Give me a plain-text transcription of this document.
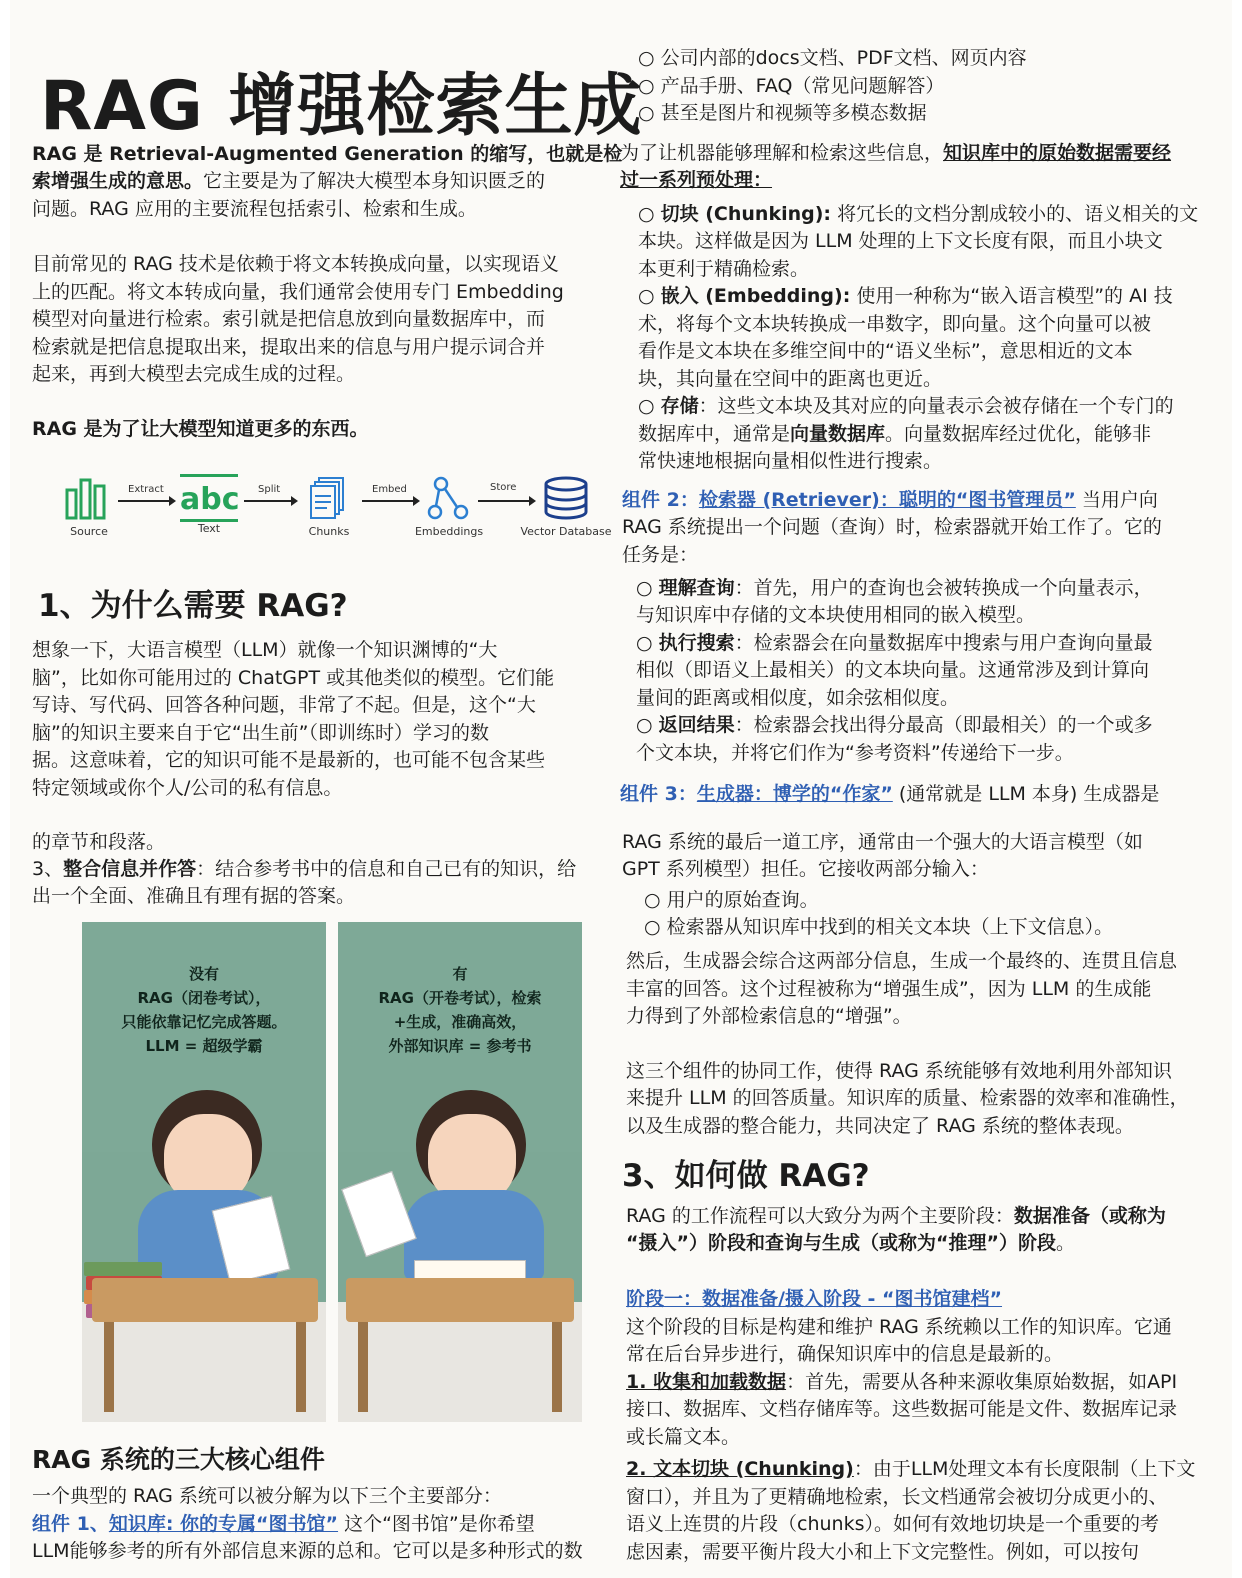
RAG 增强检索生成
RAG 是 Retrieval-Augmented Generation 的缩写，也就是检
索增强生成的意思。它主要是为了解决大模型本身知识匮乏的
问题。RAG 应用的主要流程包括索引、检索和生成。
目前常见的 RAG 技术是依赖于将文本转换成向量，以实现语义
上的匹配。将文本转成向量，我们通常会使用专门 Embedding
模型对向量进行检索。索引就是把信息放到向量数据库中，而
检索就是把信息提取出来，提取出来的信息与用户提示词合并
起来，再到大模型去完成生成的过程。
RAG 是为了让大模型知道更多的东西。
Source
Extract abc
Text
Split
Chunks
Embed
Embeddings
Store
Vector Database
1、为什么需要 RAG?
想象一下，大语言模型（LLM）就像一个知识渊博的“大
脑”，比如你可能用过的 ChatGPT 或其他类似的模型。它们能
写诗、写代码、回答各种问题，非常了不起。但是，这个“大
脑”的知识主要来自于它“出生前”（即训练时）学习的数
据。这意味着，它的知识可能不是最新的，也可能不包含某些
特定领域或你个人/公司的私有信息。
的章节和段落。
3、整合信息并作答：结合参考书中的信息和自己已有的知识，给
出一个全面、准确且有理有据的答案。
没有
RAG（闭卷考试），
只能依靠记忆完成答题。
LLM = 超级学霸
有
RAG（开卷考试），检索
+生成，准确高效，
外部知识库 = 参考书
RAG 系统的三大核心组件
一个典型的 RAG 系统可以被分解为以下三个主要部分：
组件 1、知识库: 你的专属“图书馆” 这个“图书馆”是你希望
LLM能够参考的所有外部信息来源的总和。它可以是多种形式的数
○ 公司内部的docs文档、PDF文档、网页内容
○ 产品手册、FAQ（常见问题解答）
○ 甚至是图片和视频等多模态数据
为了让机器能够理解和检索这些信息，知识库中的原始数据需要经
过一系列预处理：
○ 切块 (Chunking): 将冗长的文档分割成较小的、语义相关的文
本块。这样做是因为 LLM 处理的上下文长度有限，而且小块文
本更利于精确检索。
○ 嵌入 (Embedding): 使用一种称为“嵌入语言模型”的 AI 技
术，将每个文本块转换成一串数字，即向量。这个向量可以被
看作是文本块在多维空间中的“语义坐标”，意思相近的文本
块，其向量在空间中的距离也更近。
○ 存储：这些文本块及其对应的向量表示会被存储在一个专门的
数据库中，通常是向量数据库。向量数据库经过优化，能够非
常快速地根据向量相似性进行搜索。
组件 2：检索器 (Retriever)：聪明的“图书管理员” 当用户向
RAG 系统提出一个问题（查询）时，检索器就开始工作了。它的
任务是：
○ 理解查询：首先，用户的查询也会被转换成一个向量表示，
与知识库中存储的文本块使用相同的嵌入模型。
○ 执行搜索：检索器会在向量数据库中搜索与用户查询向量最
相似（即语义上最相关）的文本块向量。这通常涉及到计算向
量间的距离或相似度，如余弦相似度。
○ 返回结果：检索器会找出得分最高（即最相关）的一个或多
个文本块，并将它们作为“参考资料”传递给下一步。
组件 3：生成器：博学的“作家” (通常就是 LLM 本身) 生成器是
RAG 系统的最后一道工序，通常由一个强大的大语言模型（如
GPT 系列模型）担任。它接收两部分输入：
○ 用户的原始查询。
○ 检索器从知识库中找到的相关文本块（上下文信息）。
然后，生成器会综合这两部分信息，生成一个最终的、连贯且信息
丰富的回答。这个过程被称为“增强生成”，因为 LLM 的生成能
力得到了外部检索信息的“增强”。
这三个组件的协同工作，使得 RAG 系统能够有效地利用外部知识
来提升 LLM 的回答质量。知识库的质量、检索器的效率和准确性，
以及生成器的整合能力，共同决定了 RAG 系统的整体表现。
3、如何做 RAG?
RAG 的工作流程可以大致分为两个主要阶段：数据准备（或称为
“摄入”）阶段和查询与生成（或称为“推理”）阶段。
阶段一：数据准备/摄入阶段 - “图书馆建档”
这个阶段的目标是构建和维护 RAG 系统赖以工作的知识库。它通
常在后台异步进行，确保知识库中的信息是最新的。
1. 收集和加载数据：首先，需要从各种来源收集原始数据，如API
接口、数据库、文档存储库等。这些数据可能是文件、数据库记录
或长篇文本。
2. 文本切块 (Chunking)：由于LLM处理文本有长度限制（上下文
窗口），并且为了更精确地检索，长文档通常会被切分成更小的、
语义上连贯的片段（chunks）。如何有效地切块是一个重要的考
虑因素，需要平衡片段大小和上下文完整性。例如，可以按句
